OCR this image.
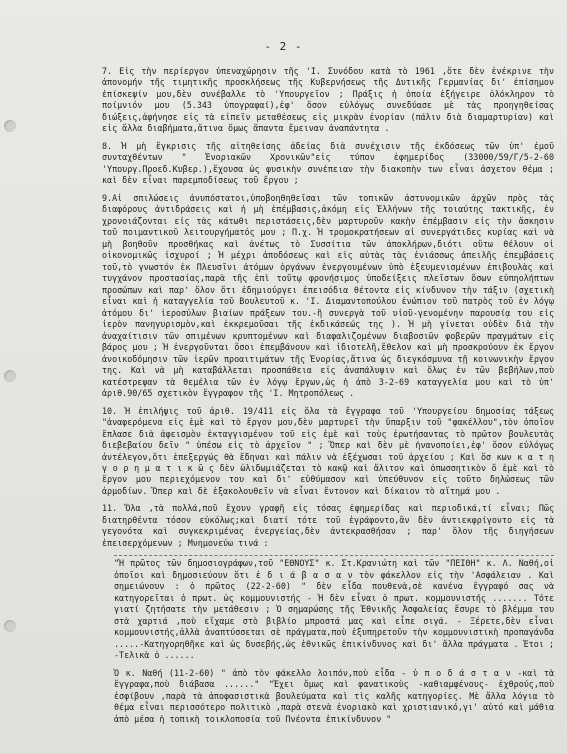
- 2 -

7. Εἰς τὴν περίεργον ὑπεναχώρησιν τῆς 'Ι. Συνόδου κατὰ τὸ 1961 ,ὅτε δὲν ἐνέκρινε τὴν ἀπονομήν τῆς τιμητικῆς προσκλήσεως τῆς Κυβερνήσεως τῆς Δυτικῆς Γερμανίας δι' ἐπίσημον ἐπίσκεψίν μου,δὲν συνέβαλλε τὸ 'Υπουργεῖον ; Πράξις ἡ ὁποία ἐξήγειρε ὁλόκληρον τὸ ποίμνιόν μου (5.343 ὑπογραφαί),ἐφ' ὅσον εὐλόγως συνεδύασε μὲ τὰς προηγηθείσας διώξεις,ἀφήνησε εἰς τὰ εἰπεῖν μεταθέσεως εἰς μικρὰν ἐνορίαν (πάλιν διὰ διαμαρτυρίαν) καὶ εἰς ἄλλα διαβήματα,ἅτινα ὅμως ἅπαντα ἔμειναν ἀναπάντητα .

8. Ἡ μὴ ἔγκρισις τῆς αἰτηθείσης ἀδείας διὰ συνέχισιν τῆς ἐκδόσεως τῶν ὑπ' ἐμοῦ συνταχθέντων " Ἐνοριακῶν Χρονικῶν"εἰς τύπον ἐφημερίδος (33000/59/Γ/5-2-60 'Υπουργ.Προεδ.Κυβερ.),ἔχουσα ὡς φυσικὴν συνέπειαν τὴν διακοπὴν των εἶναι ἀσχετον θέμα ; καὶ δὲν εἶναι παρεμποδίσεως τοῦ ἔργου ;

9.Αἱ σπιλώσεις ἀνυπόστατοι,ὑποβοηθηθεῖσαι τῶν τοπικῶν ἀστυνομικῶν ἀρχῶν πρὸς τὰς διαφόρους ἀντιδράσεις καὶ ἡ μὴ ἐπέμβασις,ἀκόμη εἰς Ἐλλήνων τῆς τοιαύτης τακτικῆς, ἐν χρονοιάζονται εἰς τὰς κάτωθι περιστάσεις,δὲν μαρτυροῦν κακὴν ἐπέμβασιν εἰς τὴν ἄσκησιν τοῦ ποιμαντικοῦ λειτουργήματός μου ; Π.χ. Ἡ τρομοκρατήσεων αἱ συνεργάτιδες κυρίας καὶ νὰ μὴ βοηθοῦν προσθήκας καὶ ἀνέτως τὸ Συσσίτια τῶν ἀποκλήρων,διότι οὕτω θέλουν οἱ οἰκονομικῶς ἰσχυροί ; Ἡ μέχρι ἀποδόσεως καὶ εἰς αὐτὰς τὰς ἐνιάσσως ἀπειλῆς ἐπεμβάσεις τοῦ,τὸ γνωστόν ἐκ Πλευσῖνι ἀτόμων ὀργάνων ἐνεργουμένων ὑπὸ ἐξευμενισμένων ἐπιβουλὰς καὶ τυγχάνον προστασίας,παρὰ τῆς ἐπὶ τοῦτῳ φρονήσιμος ὑποδείξεις πλεῖστων ὅσων εὐπηολήπτων προσώπων καὶ παρ' ὅλον ὅτι ἐδημιούργει ἐπεισόδια θέτοντα εἰς κίνδυνον τὴν τάξιν (σχετικὴ εἶναι καὶ ἡ καταγγελία τοῦ Βουλευτοῦ κ. 'Ι. Διαμαντοπούλου ἐνώπιον τοῦ πατρὸς τοῦ ἐν λόγῳ ἀτόμου δι' ἱεροσύλων βιαίων πράξεων του.-ἢ συνεργὰ τοῦ υἱοῦ-γενομένην παρουσίᾳ του εἰς ἱερὸν πανηγυρισμὸν,καὶ ἐκκρεμοῦσαι τῆς ἐκδικάσεώς της ). Ἡ μὴ γίνεται οὐδὲν διὰ τὴν ἀναχαίτισιν τῶν σπιμένων κρυπτομένων καὶ διαφαλιζομένων διαβοσιῶν φοβερῶν πραγμάτων εἰς βάρος μου ; Ἡ ἐνεργοῦνται ὅσοι ἐπεμβάνουν καὶ ἰδιοτελῆ,ἔθελον καὶ μὴ προσκρούουν ἐκ ἔργον ἀνοικοδόμησιν τῶν ἱερῶν προαιτιμάτων τῆς Ἐνορίας,ἅτινα ὡς διεγκόσμυνα τῇ κοινωνικὴν ἔργον της. Καὶ νὰ μὴ καταβάλλεται προσπάθεια εἰς ἀναπάλυψιν καὶ ὅλως ἐν τῶν βεβήλων,ποὺ κατέστρεψαν τὰ θεμέλια τῶν ἐν λόγῳ ἔργων,ὡς ἡ ἀπὸ 3-2-69 καταγγελία μου καὶ τὸ ὑπ' ἀριθ.90/65 σχετικὸν ἔγγραφον τῆς 'Ι. Μητροπόλεως .

10. Ἡ ἐπιλήψις τοῦ ἀριθ. 19/411 εἰς ὅλα τὰ ἔγγραφα τοῦ 'Υπουργείου δημοσίας τάξεως "ἀναφερόμενα εἰς ἐμὲ καὶ τὸ ἔργον μου,δὲν μαρτυρεῖ τὴν ὕπαρξιν τοῦ "φακέλλου",τὸν ὁποῖον ἔπλασε διὰ ἀφεισμὸν ἐκταγγισμένον τοῦ εἰς ἐμὲ καὶ τοὺς ἐρωτήσαντας τὸ πρῶτον βουλευτὰς διεβεβαίου δεῖν " ὑπέσω εἰς τὸ ἀρχεῖον " ; Ὅπερ καὶ δὲν μὲ ἠνανοποίει,ἐφ' ὅσον εὐλόγως ἀντέλεγον,ὅτι ἐπεξεργώς θὰ ἔδηναι καὶ πάλιν νὰ ἐξέχωσαι τοῦ ἀρχείου ; Καὶ ὅσ κων κ α τ η γ ο ρ η μ α τ ι κ ῶ ς δὲν ὠλιδωμιάζεται τὸ κακῷ καὶ ἅλιτον καὶ ὀπωσσητικὸν ὅ ἐμὲ καὶ τὸ ἔργον μου περιεχόμενον του καὶ δι' εὐθύμασον καὶ ὑπεύθυνον εἰς τοῦτο δηλώσεως τῶν ἁρμοδίων. Ὅπερ καὶ δὲ ἐξακολουθεῖν νὰ εἶναι ἔντονον καὶ δίκαιον τὸ αἴτημά μου .

11. Ὅλα ,τὰ πολλά,ποῦ ἔχουν γραφῆ εἰς τόσας ἐφημερίδας καὶ περιοδικά,τί εἶναι; Πῶς διατηρθέντα τόσον εὐκόλως;καὶ διατί τότε τοῦ ἐγράφοντο,ἂν δὲν ἀντιεκφρίγοντο εἰς τὰ γεγονότα καὶ συγκεκριμένας ἐνεργείας,δὲν ἀντεκρασθήσαν ; παρ' ὅλον τῆς διηγήσεων ἐπεισερχόμενων ; Μνημονεύω τινά :

"Ἡ πρῶτος τῶν δημοσιογράφων,τοῦ "ΕΘΝΟΥΣ" κ. Στ.Κρανιώτη καὶ τῶν "ΠΕΙΘΗ" κ. Λ. Ναθή,οἱ ὁποῖοι καὶ δημοσιεύουν ὅτι ἐ δ ι ά β α σ α ν τὸν φάκελλον εἰς τὴν 'Ασφάλειαν . Καὶ σημειώνουν : ὁ πρῶτος (22-2-60) " δὲν εἶδα πουθενὰ,σὲ κανένα ἔγγραφό σας νὰ κατηγορεῖται ὁ πρωτ. ὡς κομμουνιστής - Ἡ δὲν εἶναι ὁ πρωτ. κομμουνιστής ....... Τότε γιατί ζητήσατε τὴν μετάθεσιν ; Ὁ σημαρώσης τῆς Ἐθνικῆς Ἀσφαλείας ἔσυρε τὸ βλέμμα του στὰ χαρτιά ,ποὺ εἴχαμε στὸ βιβλίο μπροστά μας καὶ εἶπε σιγά. - Ξέρετε,δὲν εἶναι κομμουνιστής,ἀλλὰ ἀναπτύσσεται σὲ πράγματα,ποὺ ἐξυπηρετοῦν τὴν κομμουνιστικὴ προπαγάνδα .....-Κατηγορηθῆκε καὶ ὡς δυσεβής,ὡς ἐθνικῶς ἐπικίνδυνος καὶ δι' ἄλλα πράγματα . Ἐτοι ; -Τελικὰ ὁ ......

Ὁ κ. Ναθή (11-2-60) " ἀπὸ τὸν φάκελλο λοιπόν,ποὺ εἶδα - ὑ π ο δ ά σ τ α ν -καὶ τὰ ἔγγραφα,ποὺ διάβασα ......" "Ἐχει ὅμως καὶ φανατικοὺς -καθιαμφένους- ἐχθρούς,ποὺ ἐσφίβουν ,παρὰ τὰ ἀποφασιστικὰ βουλεύματα καὶ τὶς καλῆς κατηγορίες. Μὲ ἄλλα λόγια τὸ θέμα εἶναι περισσότερο πολιτικὸ ,παρὰ στενὰ ἐνοριακὸ καὶ χριστιανικό,γι' αὐτό καὶ μάθια ἀπὸ μέσα ἡ τοπικὴ τοικλοποσία τοῦ Πνέοντα ἐπικίνδυνον "
